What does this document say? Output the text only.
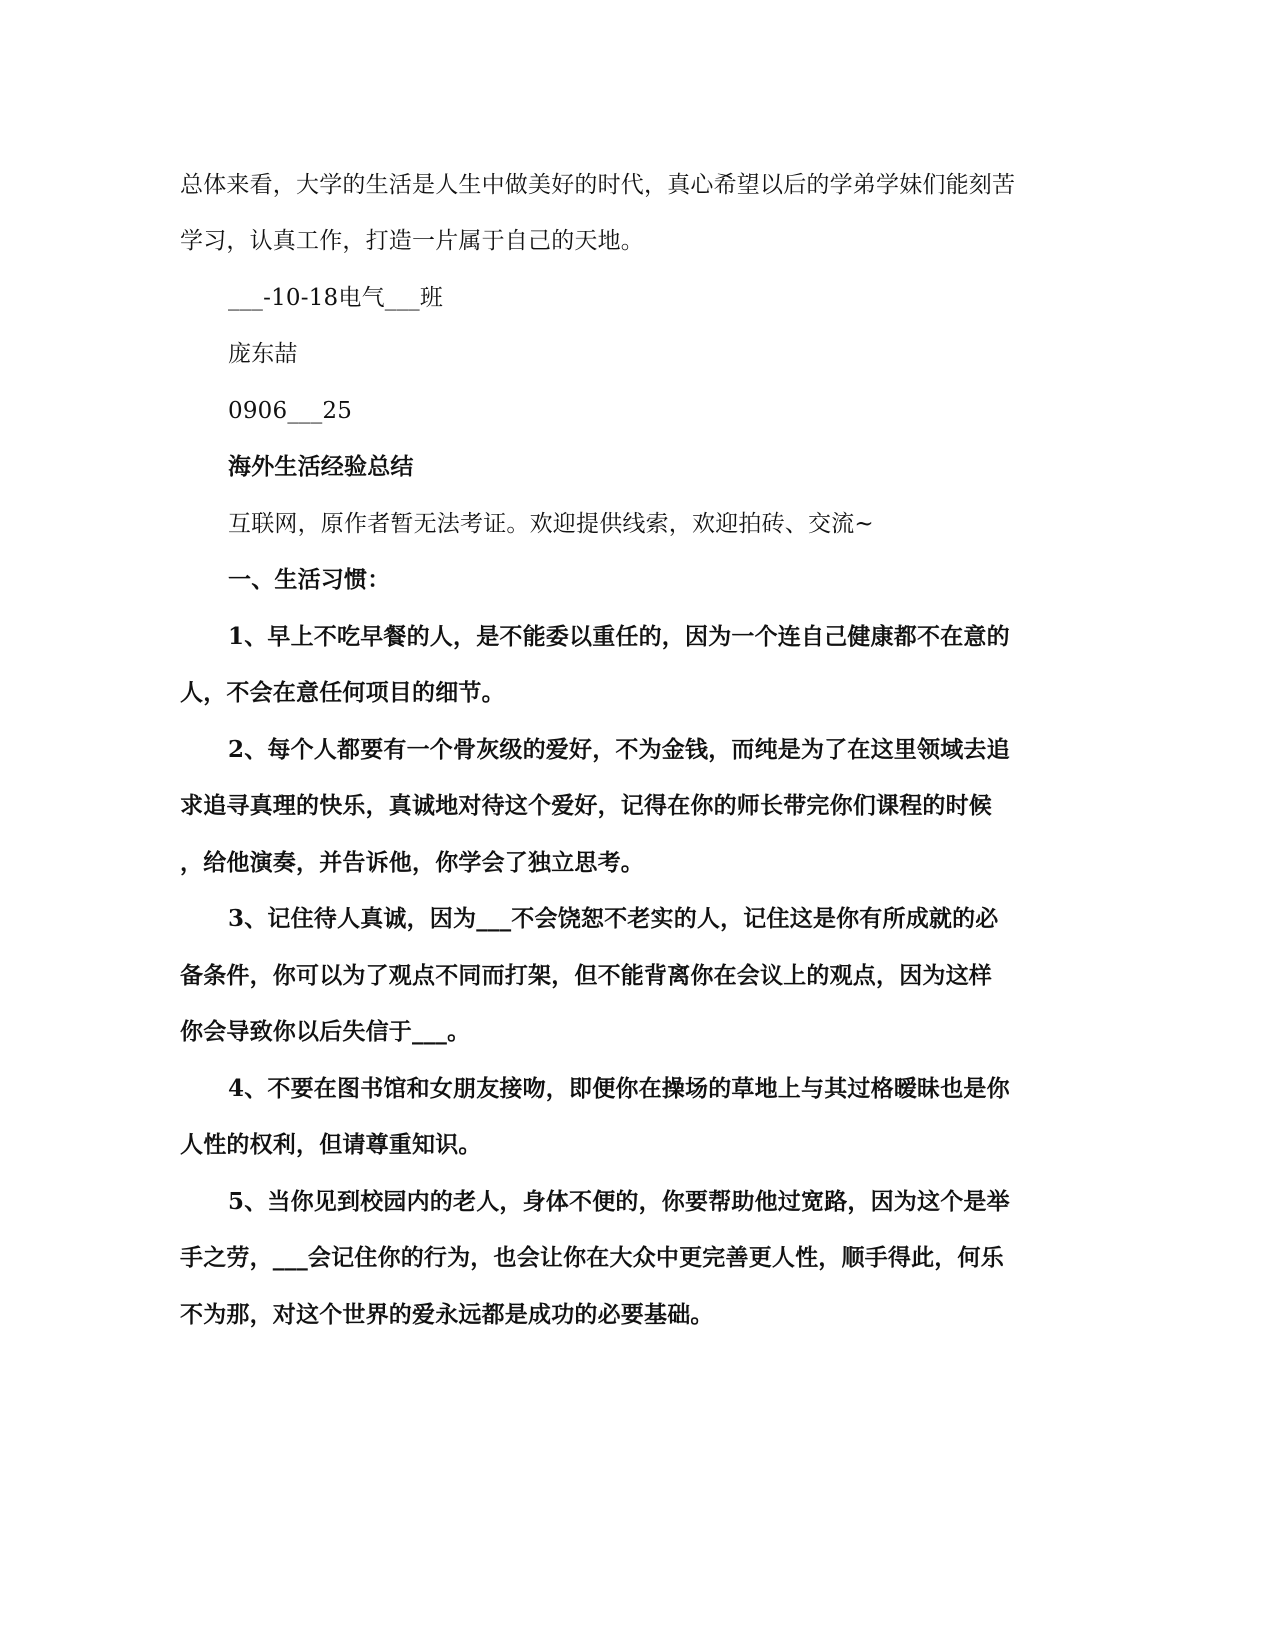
总体来看，大学的生活是人生中做美好的时代，真心希望以后的学弟学妹们能刻苦
学习，认真工作，打造一片属于自己的天地。
___-10-18电气___班
庞东喆
0906___25
海外生活经验总结
互联网，原作者暂无法考证。欢迎提供线索，欢迎拍砖、交流~
一、生活习惯：
1、早上不吃早餐的人，是不能委以重任的，因为一个连自己健康都不在意的
人，不会在意任何项目的细节。
2、每个人都要有一个骨灰级的爱好，不为金钱，而纯是为了在这里领域去追
求追寻真理的快乐，真诚地对待这个爱好，记得在你的师长带完你们课程的时候
，给他演奏，并告诉他，你学会了独立思考。
3、记住待人真诚，因为___不会饶恕不老实的人，记住这是你有所成就的必
备条件，你可以为了观点不同而打架，但不能背离你在会议上的观点，因为这样
你会导致你以后失信于___。
4、不要在图书馆和女朋友接吻，即便你在操场的草地上与其过格暧昧也是你
人性的权利，但请尊重知识。
5、当你见到校园内的老人，身体不便的，你要帮助他过宽路，因为这个是举
手之劳，___会记住你的行为，也会让你在大众中更完善更人性，顺手得此，何乐
不为那，对这个世界的爱永远都是成功的必要基础。
